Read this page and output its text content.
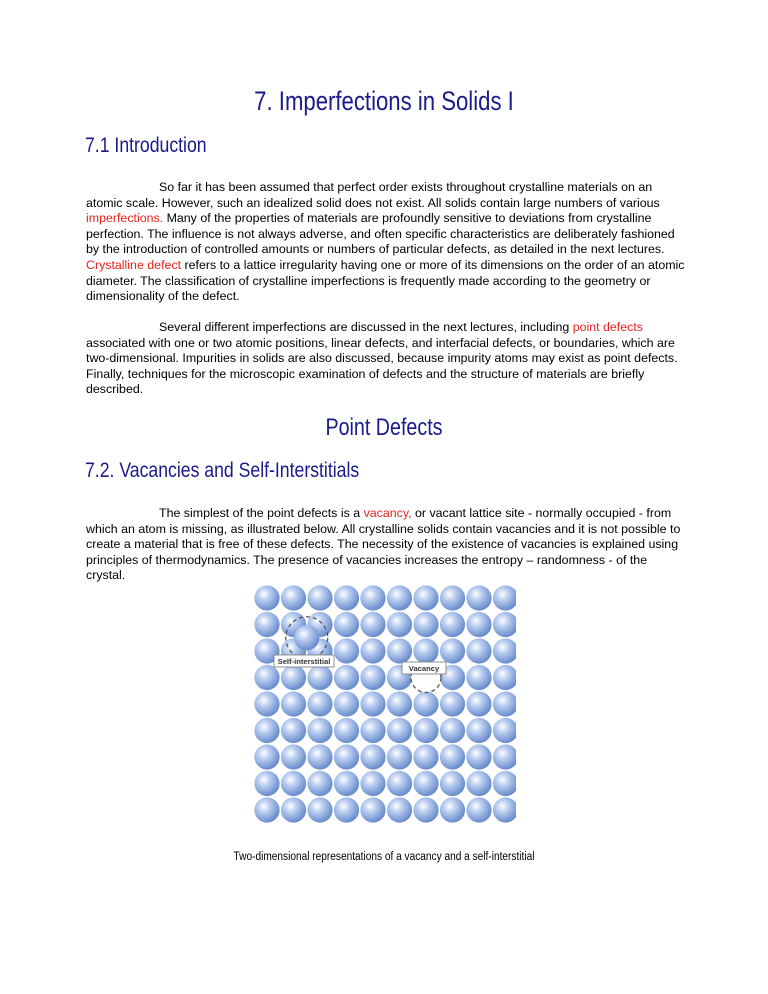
7. Imperfections in Solids I
7.1 Introduction
So far it has been assumed that perfect order exists throughout crystalline materials on an atomic scale. However, such an idealized solid does not exist. All solids contain large numbers of various imperfections. Many of the properties of materials are profoundly sensitive to deviations from crystalline perfection. The influence is not always adverse, and often specific characteristics are deliberately fashioned by the introduction of controlled amounts or numbers of particular defects, as detailed in the next lectures. Crystalline defect refers to a lattice irregularity having one or more of its dimensions on the order of an atomic diameter. The classification of crystalline imperfections is frequently made according to the geometry or dimensionality of the defect.
Several different imperfections are discussed in the next lectures, including point defects associated with one or two atomic positions, linear defects, and interfacial defects, or boundaries, which are two-dimensional. Impurities in solids are also discussed, because impurity atoms may exist as point defects. Finally, techniques for the microscopic examination of defects and the structure of materials are briefly described.
Point Defects
7.2. Vacancies and Self-Interstitials
The simplest of the point defects is a vacancy, or vacant lattice site - normally occupied - from which an atom is missing, as illustrated below. All crystalline solids contain vacancies and it is not possible to create a material that is free of these defects. The necessity of the existence of vacancies is explained using principles of thermodynamics. The presence of vacancies increases the entropy – randomness - of the crystal.
Self-interstitial
Vacancy
Two-dimensional representations of a vacancy and a self-interstitial
